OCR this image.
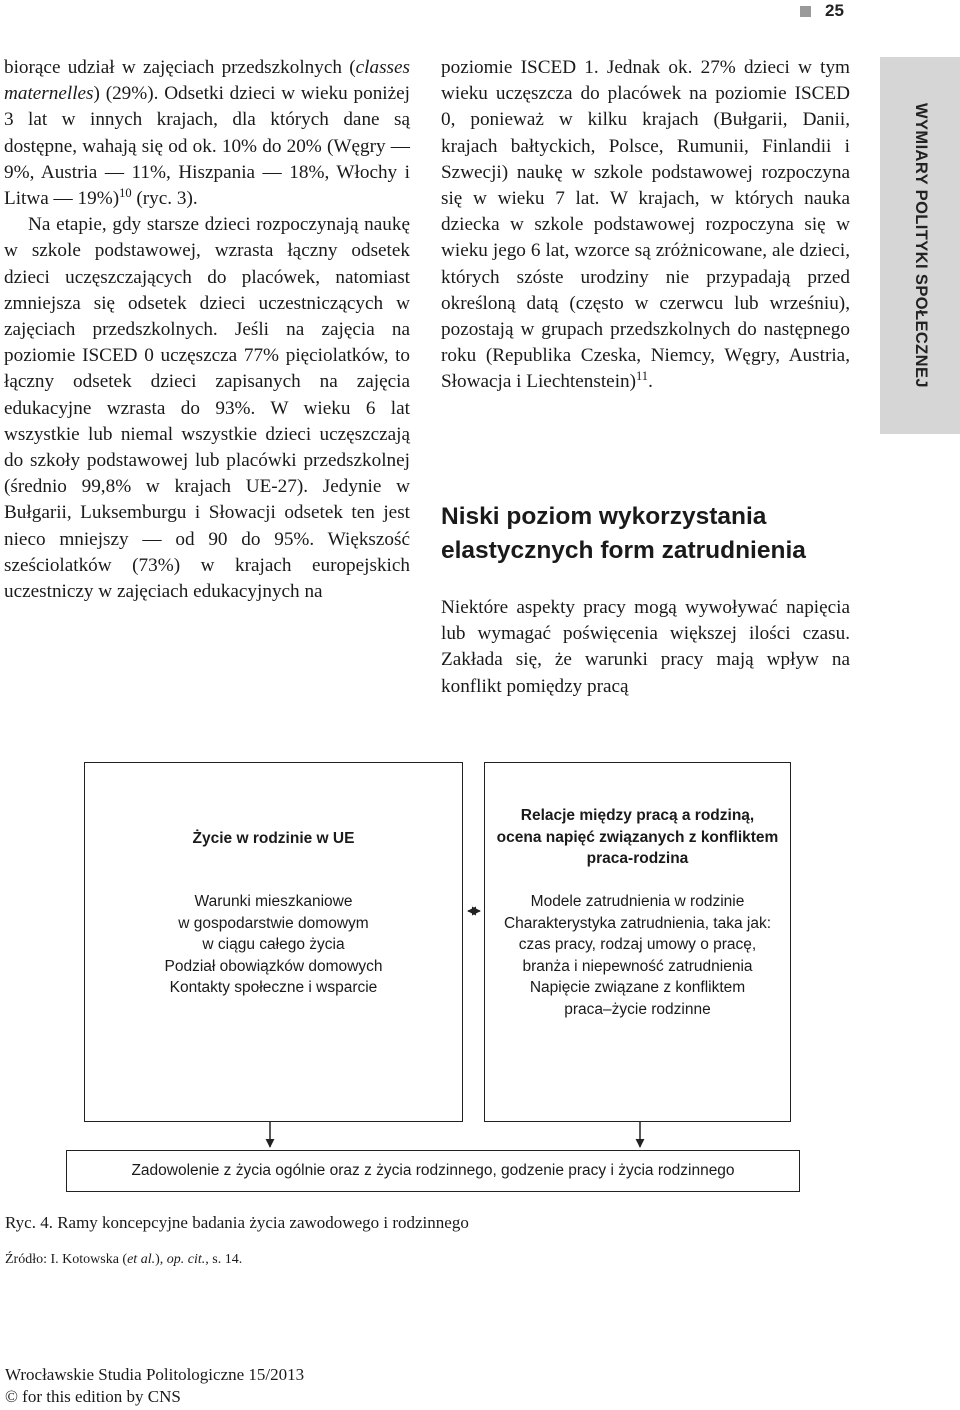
25
WYMIARY POLITYKI SPOŁECZNEJ

biorące udział w zajęciach przedszkolnych (classes maternelles) (29%). Odsetki dzieci w wieku poniżej 3 lat w innych krajach, dla których dane są dostępne, wahają się od ok. 10% do 20% (Węgry — 9%, Austria — 11%, Hiszpania — 18%, Włochy i Litwa — 19%)$^{10}$ (ryc. 3).

Na etapie, gdy starsze dzieci rozpoczynają naukę w szkole podstawowej, wzrasta łączny odsetek dzieci uczęszczających do placówek, natomiast zmniejsza się odsetek dzieci uczestniczących w zajęciach przedszkolnych. Jeśli na zajęcia na poziomie ISCED 0 uczęszcza 77% pięciolatków, to łączny odsetek dzieci zapisanych na zajęcia edukacyjne wzrasta do 93%. W wieku 6 lat wszystkie lub niemal wszystkie dzieci uczęszczają do szkoły podstawowej lub placówki przedszkolnej (średnio 99,8% w krajach UE-27). Jedynie w Bułgarii, Luksemburgu i Słowacji odsetek ten jest nieco mniejszy — od 90 do 95%. Większość sześciolatków (73%) w krajach europejskich uczestniczy w zajęciach edukacyjnych na

poziomie ISCED 1. Jednak ok. 27% dzieci w tym wieku uczęszcza do placówek na poziomie ISCED 0, ponieważ w kilku krajach (Bułgarii, Danii, krajach bałtyckich, Polsce, Rumunii, Finlandii i Szwecji) naukę w szkole podstawowej rozpoczyna się w wieku 7 lat. W krajach, w których nauka dziecka w szkole podstawowej rozpoczyna się w wieku jego 6 lat, wzorce są zróżnicowane, ale dzieci, których szóste urodziny nie przypadają przed określoną datą (często w czerwcu lub wrześniu), pozostają w grupach przedszkolnych do następnego roku (Republika Czeska, Niemcy, Węgry, Austria, Słowacja i Liechtenstein)$^{11}$.

Niski poziom wykorzystania elastycznych form zatrudnienia

Niektóre aspekty pracy mogą wywoływać napięcia lub wymagać poświęcenia większej ilości czasu. Zakłada się, że warunki pracy mają wpływ na konflikt pomiędzy pracą

Życie w rodzinie w UE
Warunki mieszkaniowe
w gospodarstwie domowym
w ciągu całego życia
Podział obowiązków domowych
Kontakty społeczne i wsparcie
Relacje między pracą a rodziną,
ocena napięć związanych z konfliktem
praca-rodzina
Modele zatrudnienia w rodzinie
Charakterystyka zatrudnienia, taka jak:
czas pracy, rodzaj umowy o pracę,
branża i niepewność zatrudnienia
Napięcie związane z konfliktem
praca–życie rodzinne
Zadowolenie z życia ogólnie oraz z życia rodzinnego, godzenie pracy i życia rodzinnego
Ryc. 4. Ramy koncepcyjne badania życia zawodowego i rodzinnego
Źródło: I. Kotowska (et al.), op. cit., s. 14.
Wrocławskie Studia Politologiczne 15/2013
© for this edition by CNS
